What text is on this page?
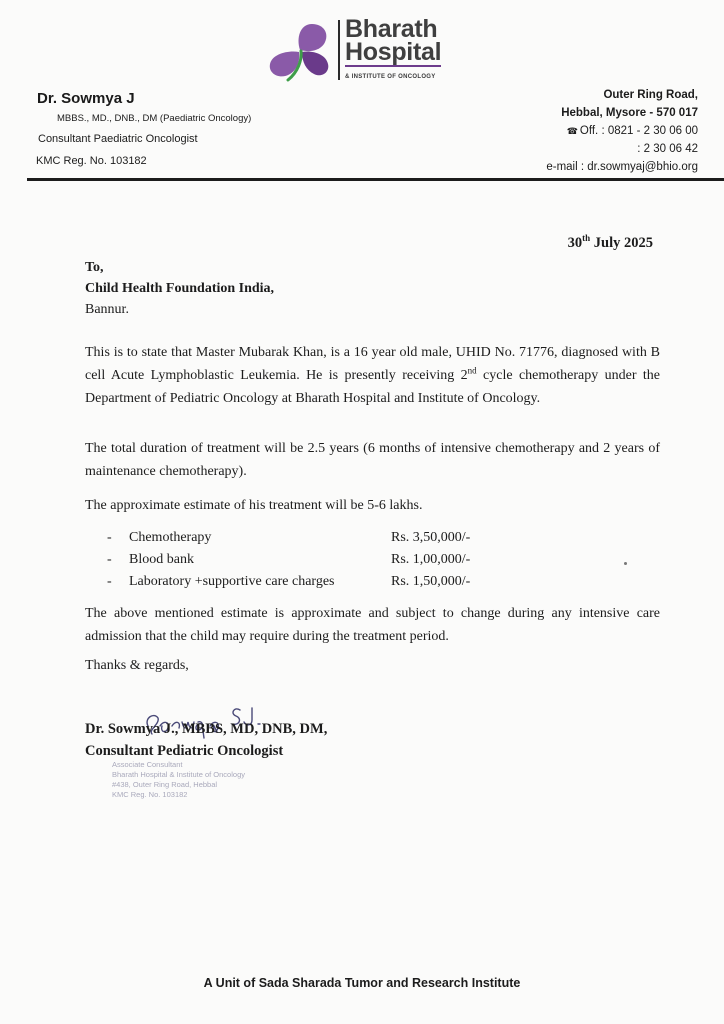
Bharath
Hospital
& INSTITUTE OF ONCOLOGY
Dr. Sowmya J
MBBS., MD., DNB., DM (Paediatric Oncology)
Consultant Paediatric Oncologist
KMC Reg. No. 103182
Outer Ring Road,
Hebbal, Mysore - 570 017
☎ Off. : 0821 - 2 30 06 00
: 2 30 06 42
e-mail : dr.sowmyaj@bhio.org
30th July 2025
To,
Child Health Foundation India,
Bannur.
This is to state that Master Mubarak Khan, is a 16 year old male, UHID No. 71776, diagnosed with B cell Acute Lymphoblastic Leukemia. He is presently receiving 2nd cycle chemotherapy under the Department of Pediatric Oncology at Bharath Hospital and Institute of Oncology.
The total duration of treatment will be 2.5 years (6 months of intensive chemotherapy and 2 years of maintenance chemotherapy).
The approximate estimate of his treatment will be 5-6 lakhs.
- Chemotherapy	Rs. 3,50,000/-
- Blood bank	Rs. 1,00,000/-
- Laboratory +supportive care charges	Rs. 1,50,000/-
The above mentioned estimate is approximate and subject to change during any intensive care admission that the child may require during the treatment period.
Thanks & regards,
Dr. Sowmya J., MBBS, MD, DNB, DM,
Consultant Pediatric Oncologist
Associate Consultant
Bharath Hospital & Institute of Oncology
#438, Outer Ring Road, Hebbal
KMC Reg. No. 103182
A Unit of Sada Sharada Tumor and Research Institute
